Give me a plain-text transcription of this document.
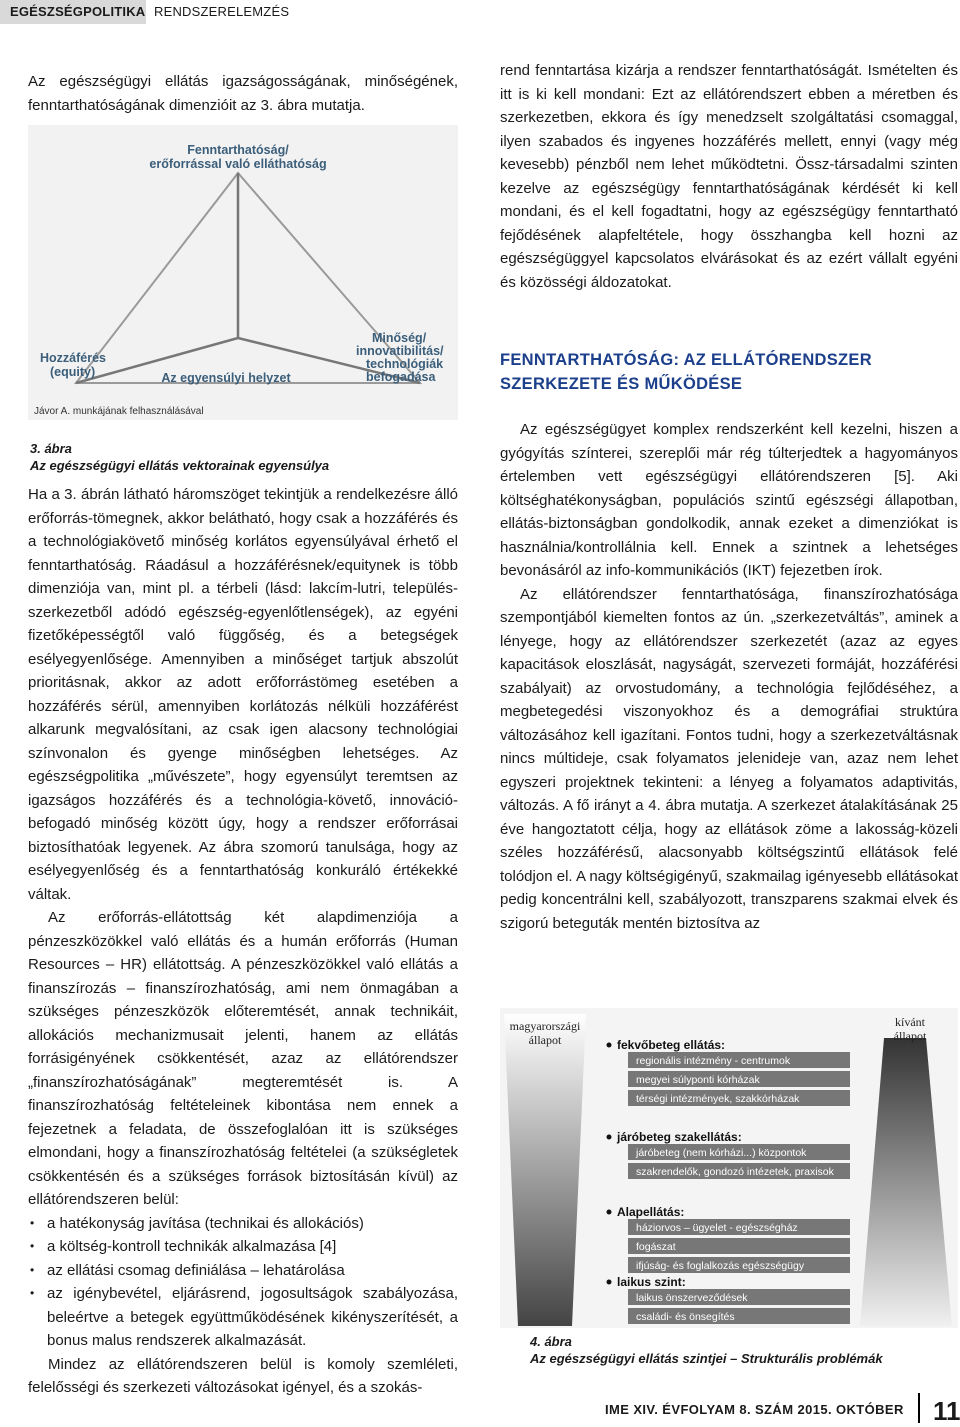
EGÉSZSÉGPOLITIKA RENDSZERELEMZÉS
Az egészségügyi ellátás igazságosságának, minőségének, fenntarthatóságának dimenzióit az 3. ábra mutatja.
Fenntarthatóság/
erőforrással való elláthatóság
Hozzáférés
(equity)	Az egyensúlyi helyzet
Minőség/
innovatibilitás/
technológiák
befogadása
Jávor A. munkájának felhasználásával
3. ábra
Az egészségügyi ellátás vektorainak egyensúlya

Ha a 3. ábrán látható háromszöget tekintjük a rendelkezésre álló erőforrás-tömegnek, akkor belátható, hogy csak a hozzáférés és a technológiakövető minőség korlátos egyensúlyával érhető el fenntarthatóság. Ráadásul a hozzáférésnek/equitynek is több dimenziója van, mint pl. a térbeli (lásd: lakcím-lutri, település-szerkezetből adódó egészség-egyenlőtlenségek), az egyéni fizetőképességtől való függőség, és a betegségek esélyegyenlősége. Amennyiben a minőséget tartjuk abszolút prioritásnak, akkor az adott erőforrástömeg esetében a hozzáférés sérül, amennyiben korlátozás nélküli hozzáférést alkarunk megvalósítani, az csak igen alacsony technológiai színvonalon és gyenge minőségben lehetséges. Az egészségpolitika „művészete”, hogy egyensúlyt teremtsen az igazságos hozzáférés és a technológia-követő, innováció-befogadó minőség között úgy, hogy a rendszer erőforrásai biztosíthatóak legyenek. Az ábra szomorú tanulsága, hogy az esélyegyenlőség és a fenntarthatóság konkuráló értékekké váltak.

Az erőforrás-ellátottság két alapdimenziója a pénzeszközökkel való ellátás és a humán erőforrás (Human Resources – HR) ellátottság. A pénzeszközökkel való ellátás a finanszírozás – finanszírozhatóság, ami nem önmagában a szükséges pénzeszközök előteremtését, annak technikáit, allokációs mechanizmusait jelenti, hanem az ellátás forrásigényének csökkentését, azaz az ellátórendszer „finanszírozhatóságának” megteremtését is. A finanszírozhatóság feltételeinek kibontása nem ennek a fejezetnek a feladata, de összefoglalóan itt is szükséges elmondani, hogy a finanszírozhatóság feltételei (a szükségletek csökkentésén és a szükséges források biztosításán kívül) az ellátórendszeren belül:

• a hatékonyság javítása (technikai és allokációs)
• a költség-kontroll technikák alkalmazása [4]
• az ellátási csomag definiálása – lehatárolása
• az igénybevétel, eljárásrend, jogosultságok szabályozása, beleértve a betegek együttműködésének kikényszerítését, a bonus malus rendszerek alkalmazását.

Mindez az ellátórendszeren belül is komoly szemléleti, felelősségi és szerkezeti változásokat igényel, és a szokás-

rend fenntartása kizárja a rendszer fenntarthatóságát. Ismételten és itt is ki kell mondani: Ezt az ellátórendszert ebben a méretben és szerkezetben, ekkora és így menedzselt szolgáltatási csomaggal, ilyen szabados és ingyenes hozzáférés mellett, ennyi (vagy még kevesebb) pénzből nem lehet működtetni. Össz-társadalmi szinten kezelve az egészségügy fenntarthatóságának kérdését ki kell mondani, és el kell fogadtatni, hogy az egészségügy fenntartható fejődésének alapfeltétele, hogy összhangba kell hozni az egészségüggyel kapcsolatos elvárásokat és az ezért vállalt egyéni és közösségi áldozatokat.

FENNTARTHATÓSÁG: AZ ELLÁTÓRENDSZER SZERKEZETE ÉS MŰKÖDÉSE

Az egészségügyet komplex rendszerként kell kezelni, hiszen a gyógyítás színterei, szereplői már rég túlterjedtek a hagyományos értelemben vett egészségügyi ellátórendszeren [5]. Aki költséghatékonyságban, populációs szintű egészségi állapotban, ellátás-biztonságban gondolkodik, annak ezeket a dimenziókat is használnia/kontrollálnia kell. Ennek a szintnek a lehetséges bevonásáról az info-kommunikációs (IKT) fejezetben írok.

Az ellátórendszer fenntarthatósága, finanszírozhatósága szempontjából kiemelten fontos az ún. „szerkezetváltás”, aminek a lényege, hogy az ellátórendszer szerkezetét (azaz az egyes kapacitások eloszlását, nagyságát, szervezeti formáját, hozzáférési szabályait) az orvostudomány, a technológia fejlődéséhez, a megbetegedési viszonyokhoz és a demográfiai struktúra változásához kell igazítani. Fontos tudni, hogy a szerkezetváltásnak nincs múltideje, csak folyamatos jelenideje van, azaz nem lehet egyszeri projektnek tekinteni: a lényeg a folyamatos adaptivitás, változás. A fő irányt a 4. ábra mutatja. A szerkezet átalakításának 25 éve hangoztatott célja, hogy az ellátások zöme a lakosság-közeli széles hozzáférésű, alacsonyabb költségszintű ellátások felé tolódjon el. A nagy költségigényű, szakmailag igényesebb ellátásokat pedig koncentrálni kell, szabályozott, transzparens szakmai elvek és szigorú beteguták mentén biztosítva az

magyarországi
állapot
kívánt
állapot
fekvőbeteg ellátás:
regionális intézmény - centrumok
megyei súlyponti kórházak
térségi intézmények, szakkórházak
járóbeteg szakellátás:
járóbeteg (nem kórházi...) központok
szakrendelők, gondozó intézetek, praxisok
Alapellátás:
háziorvos – ügyelet - egészségház
fogászat
ifjúság- és foglalkozás egészségügy
laikus szint:
laikus önszerveződések
családi- és önsegítés
4. ábra
Az egészségügyi ellátás szintjei – Strukturális problémák
IME XIV. ÉVFOLYAM 8. SZÁM 2015. OKTÓBER 11
